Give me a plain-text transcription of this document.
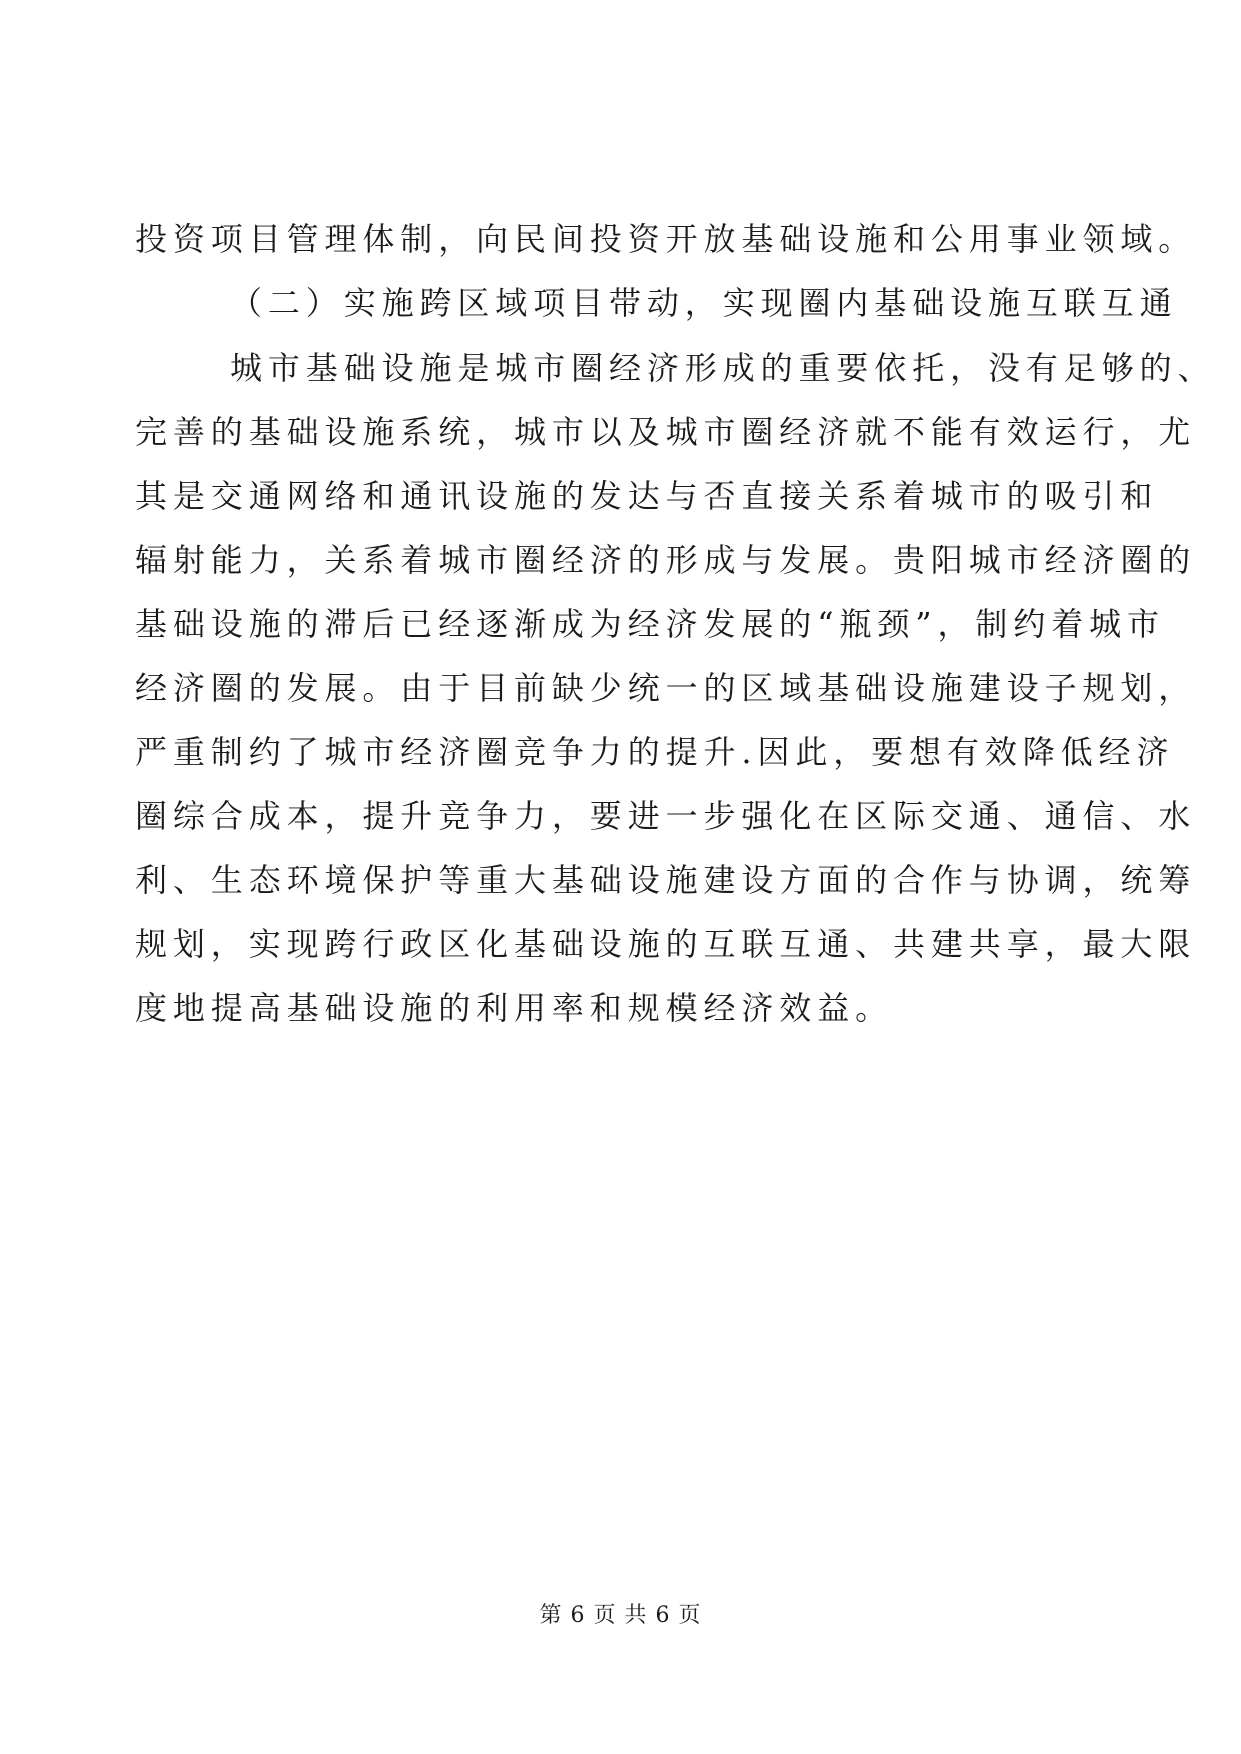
投资项目管理体制，向民间投资开放基础设施和公用事业领域。
（二）实施跨区域项目带动，实现圈内基础设施互联互通
城市基础设施是城市圈经济形成的重要依托，没有足够的、
完善的基础设施系统，城市以及城市圈经济就不能有效运行，尤
其是交通网络和通讯设施的发达与否直接关系着城市的吸引和
辐射能力，关系着城市圈经济的形成与发展。贵阳城市经济圈的
基础设施的滞后已经逐渐成为经济发展的“瓶颈”，制约着城市
经济圈的发展。由于目前缺少统一的区域基础设施建设子规划，
严重制约了城市经济圈竞争力的提升.因此，要想有效降低经济
圈综合成本，提升竞争力，要进一步强化在区际交通、通信、水
利、生态环境保护等重大基础设施建设方面的合作与协调，统筹
规划，实现跨行政区化基础设施的互联互通、共建共享，最大限
度地提高基础设施的利用率和规模经济效益。
第 6 页 共 6 页
